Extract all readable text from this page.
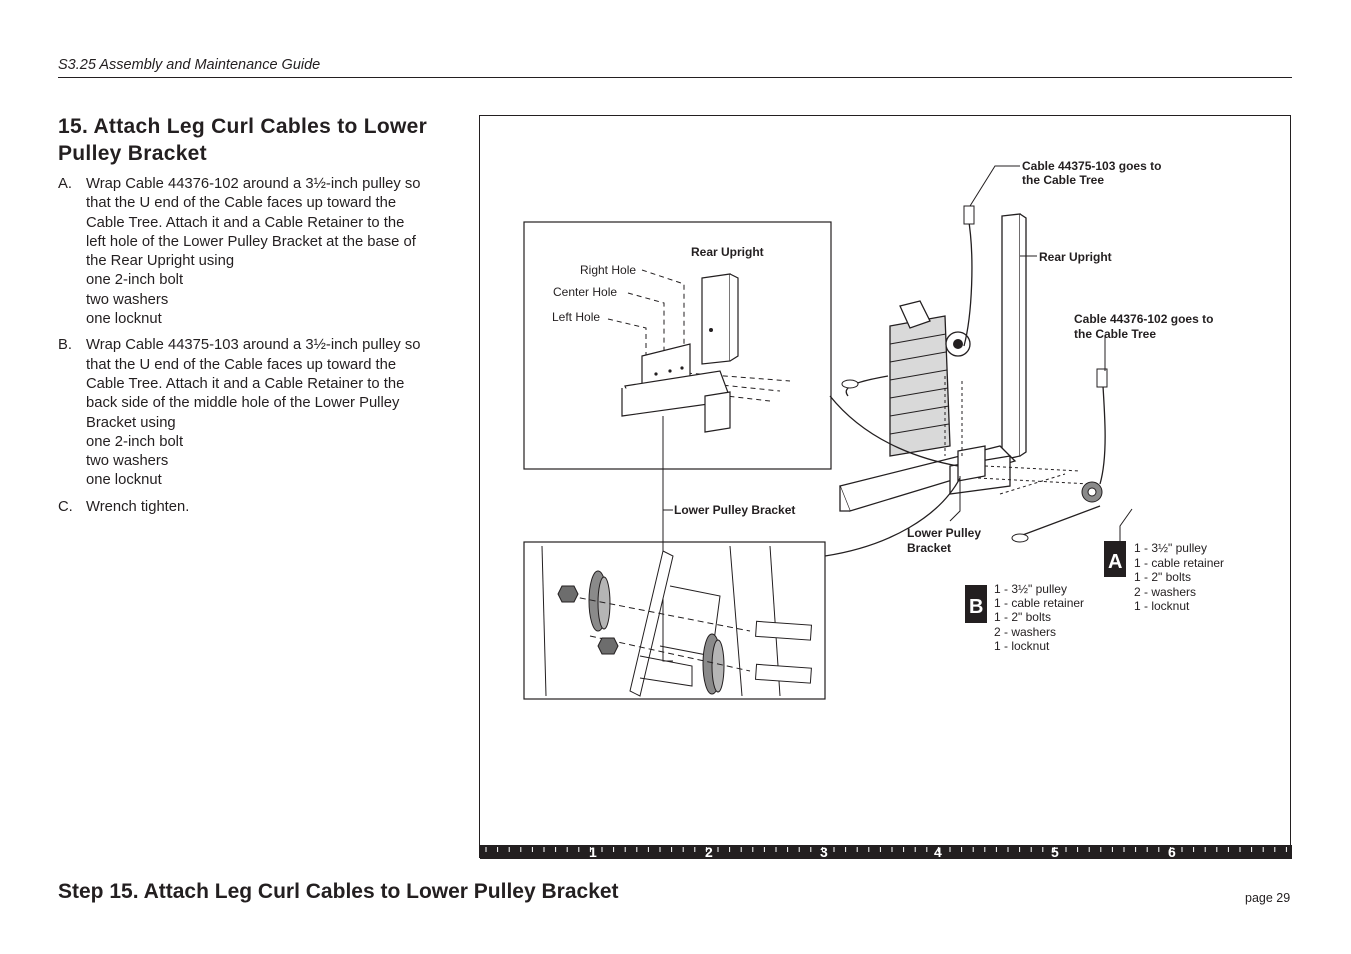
S3.25 Assembly and Maintenance Guide
15. Attach Leg Curl Cables to Lower Pulley Bracket
A. Wrap Cable 44376-102 around a 3½-inch pulley so
that the U end of the Cable faces up toward the
Cable Tree. Attach it and a Cable Retainer to the
left hole of the Lower Pulley Bracket at the base of
the Rear Upright using
one 2-inch bolt
two washers
one locknut
B. Wrap Cable 44375-103 around a 3½-inch pulley so
that the U end of the Cable faces up toward the
Cable Tree. Attach it and a Cable Retainer to the
back side of the middle hole of the Lower Pulley
Bracket using
one 2-inch bolt
two washers
one locknut
C. Wrench tighten.
Right Hole
Center Hole
Left Hole
Rear Upright
Lower Pulley Bracket
Cable 44375-103 goes to
the Cable Tree
Rear Upright
Cable 44376-102 goes to
the Cable Tree
Lower Pulley
Bracket
A
1 - 3½" pulley
1 - cable retainer
1 - 2" bolts
2 - washers
1 - locknut
B
1 - 3½" pulley
1 - cable retainer
1 - 2" bolts
2 - washers
1 - locknut
1	2	3	4	5	6
Step 15. Attach Leg Curl Cables to Lower Pulley Bracket	page 29
